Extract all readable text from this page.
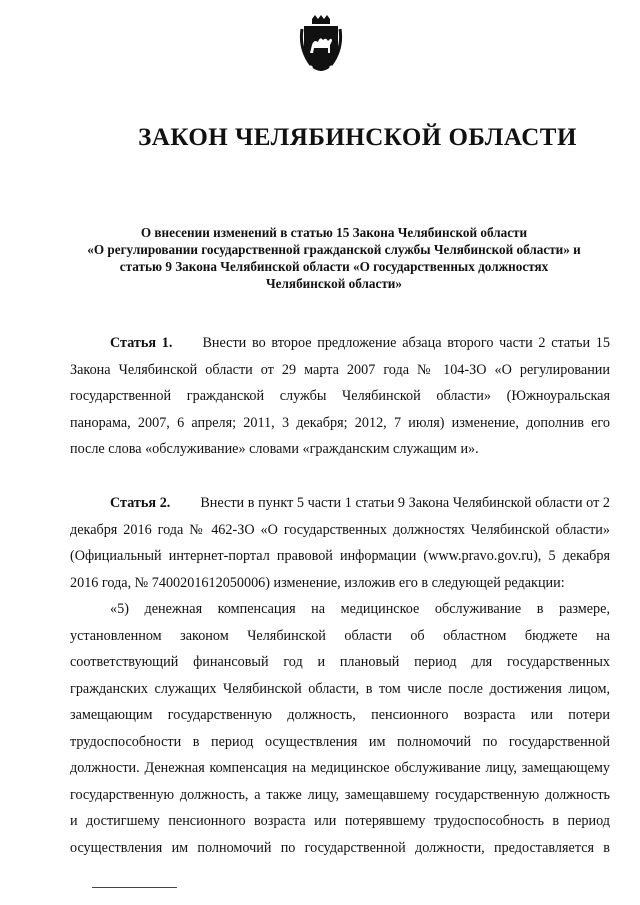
ЗАКОН ЧЕЛЯБИНСКОЙ ОБЛАСТИ
О внесении изменений в статью 15 Закона Челябинской области
«О регулировании государственной гражданской службы Челябинской области» и
статью 9 Закона Челябинской области «О государственных должностях
Челябинской области»
Статья 1. Внести во второе предложение абзаца второго части 2 статьи 15
Закона Челябинской области от 29 марта 2007 года № 104-ЗО «О регулировании
государственной гражданской службы Челябинской области» (Южноуральская
панорама, 2007, 6 апреля; 2011, 3 декабря; 2012, 7 июля) изменение, дополнив его
после слова «обслуживание» словами «гражданским служащим и».
Статья 2. Внести в пункт 5 части 1 статьи 9 Закона Челябинской области от 2
декабря 2016 года № 462-ЗО «О государственных должностях Челябинской области»
(Официальный интернет-портал правовой информации (www.pravo.gov.ru), 5 декабря
2016 года, № 7400201612050006) изменение, изложив его в следующей редакции:
«5) денежная компенсация на медицинское обслуживание в размере,
установленном законом Челябинской области об областном бюджете на
соответствующий финансовый год и плановый период для государственных
гражданских служащих Челябинской области, в том числе после достижения лицом,
замещающим государственную должность, пенсионного возраста или потери
трудоспособности в период осуществления им полномочий по государственной
должности. Денежная компенсация на медицинское обслуживание лицу, замещающему
государственную должность, а также лицу, замещавшему государственную должность
и достигшему пенсионного возраста или потерявшему трудоспособность в период
осуществления им полномочий по государственной должности, предоставляется в
